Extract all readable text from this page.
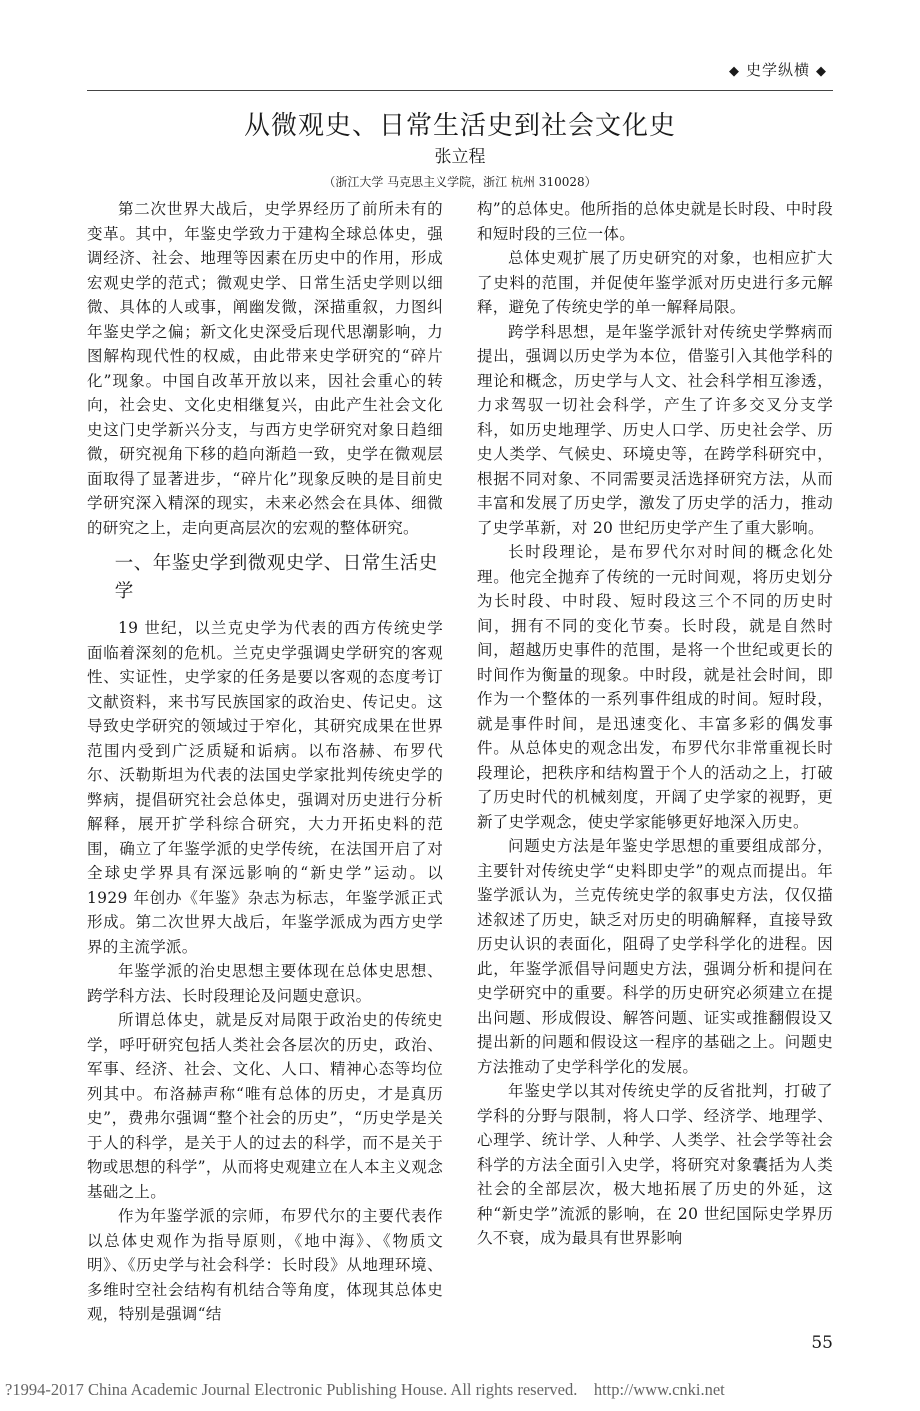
◆ 史学纵横 ◆
从微观史、日常生活史到社会文化史
张立程
（浙江大学 马克思主义学院，浙江 杭州 310028）

第二次世界大战后，史学界经历了前所未有的变革。其中，年鉴史学致力于建构全球总体史，强调经济、社会、地理等因素在历史中的作用，形成宏观史学的范式；微观史学、日常生活史学则以细微、具体的人或事，阐幽发微，深描重叙，力图纠年鉴史学之偏；新文化史深受后现代思潮影响，力图解构现代性的权威，由此带来史学研究的“碎片化”现象。中国自改革开放以来，因社会重心的转向，社会史、文化史相继复兴，由此产生社会文化史这门史学新兴分支，与西方史学研究对象日趋细微，研究视角下移的趋向渐趋一致，史学在微观层面取得了显著进步，“碎片化”现象反映的是目前史学研究深入精深的现实，未来必然会在具体、细微的研究之上，走向更高层次的宏观的整体研究。

一、年鉴史学到微观史学、日常生活史学

19 世纪，以兰克史学为代表的西方传统史学面临着深刻的危机。兰克史学强调史学研究的客观性、实证性，史学家的任务是要以客观的态度考订文献资料，来书写民族国家的政治史、传记史。这导致史学研究的领域过于窄化，其研究成果在世界范围内受到广泛质疑和诟病。以布洛赫、布罗代尔、沃勒斯坦为代表的法国史学家批判传统史学的弊病，提倡研究社会总体史，强调对历史进行分析解释，展开扩学科综合研究，大力开拓史料的范围，确立了年鉴学派的史学传统，在法国开启了对全球史学界具有深远影响的“新史学”运动。以 1929 年创办《年鉴》杂志为标志，年鉴学派正式形成。第二次世界大战后，年鉴学派成为西方史学界的主流学派。

年鉴学派的治史思想主要体现在总体史思想、跨学科方法、长时段理论及问题史意识。

所谓总体史，就是反对局限于政治史的传统史学，呼吁研究包括人类社会各层次的历史，政治、军事、经济、社会、文化、人口、精神心态等均位列其中。布洛赫声称“唯有总体的历史，才是真历史”，费弗尔强调“整个社会的历史”，“历史学是关于人的科学，是关于人的过去的科学，而不是关于物或思想的科学”，从而将史观建立在人本主义观念基础之上。

作为年鉴学派的宗师，布罗代尔的主要代表作以总体史观作为指导原则，《地中海》、《物质文明》、《历史学与社会科学：长时段》从地理环境、多维时空社会结构有机结合等角度，体现其总体史观，特别是强调“结

构”的总体史。他所指的总体史就是长时段、中时段和短时段的三位一体。

总体史观扩展了历史研究的对象，也相应扩大了史料的范围，并促使年鉴学派对历史进行多元解释，避免了传统史学的单一解释局限。

跨学科思想，是年鉴学派针对传统史学弊病而提出，强调以历史学为本位，借鉴引入其他学科的理论和概念，历史学与人文、社会科学相互渗透，力求驾驭一切社会科学，产生了许多交叉分支学科，如历史地理学、历史人口学、历史社会学、历史人类学、气候史、环境史等，在跨学科研究中，根据不同对象、不同需要灵活选择研究方法，从而丰富和发展了历史学，激发了历史学的活力，推动了史学革新，对 20 世纪历史学产生了重大影响。

长时段理论，是布罗代尔对时间的概念化处理。他完全抛弃了传统的一元时间观，将历史划分为长时段、中时段、短时段这三个不同的历史时间，拥有不同的变化节奏。长时段，就是自然时间，超越历史事件的范围，是将一个世纪或更长的时间作为衡量的现象。中时段，就是社会时间，即作为一个整体的一系列事件组成的时间。短时段，就是事件时间，是迅速变化、丰富多彩的偶发事件。从总体史的观念出发，布罗代尔非常重视长时段理论，把秩序和结构置于个人的活动之上，打破了历史时代的机械刻度，开阔了史学家的视野，更新了史学观念，使史学家能够更好地深入历史。

问题史方法是年鉴史学思想的重要组成部分，主要针对传统史学“史料即史学”的观点而提出。年鉴学派认为，兰克传统史学的叙事史方法，仅仅描述叙述了历史，缺乏对历史的明确解释，直接导致历史认识的表面化，阻碍了史学科学化的进程。因此，年鉴学派倡导问题史方法，强调分析和提问在史学研究中的重要。科学的历史研究必须建立在提出问题、形成假设、解答问题、证实或推翻假设又提出新的问题和假设这一程序的基础之上。问题史方法推动了史学科学化的发展。

年鉴史学以其对传统史学的反省批判，打破了学科的分野与限制，将人口学、经济学、地理学、心理学、统计学、人种学、人类学、社会学等社会科学的方法全面引入史学，将研究对象囊括为人类社会的全部层次，极大地拓展了历史的外延，这种“新史学”流派的影响，在 20 世纪国际史学界历久不衰，成为最具有世界影响

55
?1994-2017 China Academic Journal Electronic Publishing House. All rights reserved.    http://www.cnki.net
